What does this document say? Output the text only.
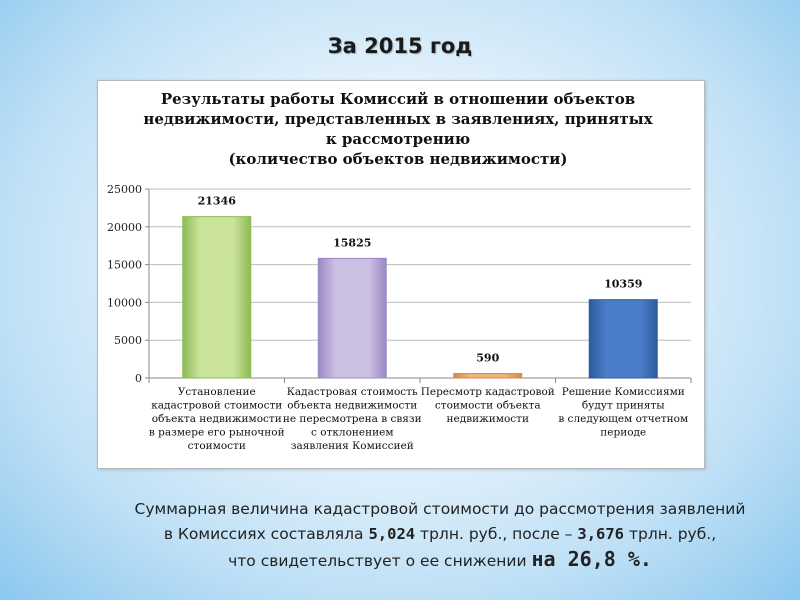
За 2015 год
0
5000
10000
15000
20000
25000
21346
Установление
кадастровой стоимости
объекта недвижимости
в размере его рыночной
стоимости
15825
Кадастровая стоимость
объекта недвижимости
не пересмотрена в связи
с отклонением
заявления Комиссией
590
Пересмотр кадастровой
стоимости объекта
недвижимости
10359
Решение Комиссиями
будут приняты
в следующем отчетном
периоде
Результаты работы Комиссий в отношении объектов
недвижимости, представленных в заявлениях, принятых
к рассмотрению
(количество объектов недвижимости)
Суммарная величина кадастровой стоимости до рассмотрения заявлений
в Комиссиях составляла 5,024 трлн. руб., после – 3,676 трлн. руб.,
что свидетельствует о ее снижении на 26,8 %.
